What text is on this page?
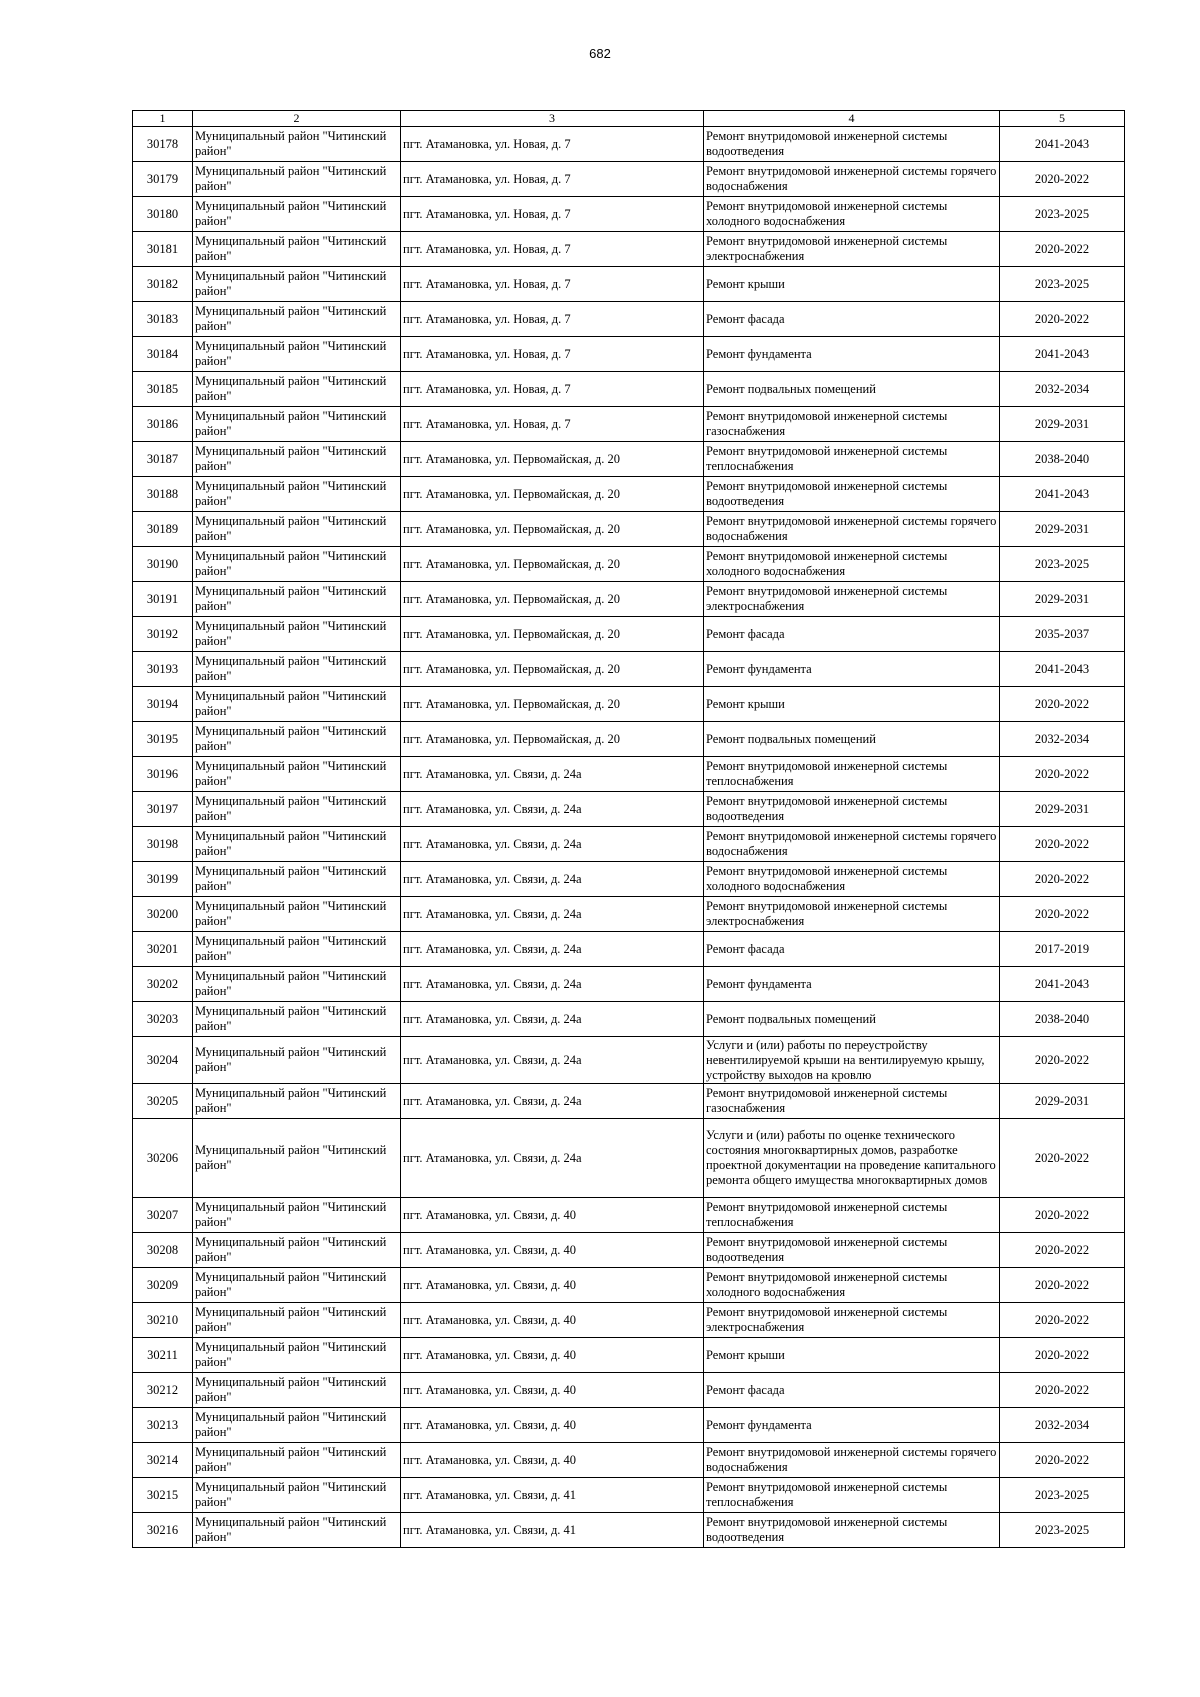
682
1	2	3	4	5
30178	Муниципальный район "Читинский район"	пгт. Атамановка, ул. Новая, д. 7	Ремонт внутридомовой инженерной системы водоотведения	2041-2043
30179	Муниципальный район "Читинский район"	пгт. Атамановка, ул. Новая, д. 7	Ремонт внутридомовой инженерной системы горячего водоснабжения	2020-2022
30180	Муниципальный район "Читинский район"	пгт. Атамановка, ул. Новая, д. 7	Ремонт внутридомовой инженерной системы холодного водоснабжения	2023-2025
30181	Муниципальный район "Читинский район"	пгт. Атамановка, ул. Новая, д. 7	Ремонт внутридомовой инженерной системы электроснабжения	2020-2022
30182	Муниципальный район "Читинский район"	пгт. Атамановка, ул. Новая, д. 7	Ремонт крыши	2023-2025
30183	Муниципальный район "Читинский район"	пгт. Атамановка, ул. Новая, д. 7	Ремонт фасада	2020-2022
30184	Муниципальный район "Читинский район"	пгт. Атамановка, ул. Новая, д. 7	Ремонт фундамента	2041-2043
30185	Муниципальный район "Читинский район"	пгт. Атамановка, ул. Новая, д. 7	Ремонт подвальных помещений	2032-2034
30186	Муниципальный район "Читинский район"	пгт. Атамановка, ул. Новая, д. 7	Ремонт внутридомовой инженерной системы газоснабжения	2029-2031
30187	Муниципальный район "Читинский район"	пгт. Атамановка, ул. Первомайская, д. 20	Ремонт внутридомовой инженерной системы теплоснабжения	2038-2040
30188	Муниципальный район "Читинский район"	пгт. Атамановка, ул. Первомайская, д. 20	Ремонт внутридомовой инженерной системы водоотведения	2041-2043
30189	Муниципальный район "Читинский район"	пгт. Атамановка, ул. Первомайская, д. 20	Ремонт внутридомовой инженерной системы горячего водоснабжения	2029-2031
30190	Муниципальный район "Читинский район"	пгт. Атамановка, ул. Первомайская, д. 20	Ремонт внутридомовой инженерной системы холодного водоснабжения	2023-2025
30191	Муниципальный район "Читинский район"	пгт. Атамановка, ул. Первомайская, д. 20	Ремонт внутридомовой инженерной системы электроснабжения	2029-2031
30192	Муниципальный район "Читинский район"	пгт. Атамановка, ул. Первомайская, д. 20	Ремонт фасада	2035-2037
30193	Муниципальный район "Читинский район"	пгт. Атамановка, ул. Первомайская, д. 20	Ремонт фундамента	2041-2043
30194	Муниципальный район "Читинский район"	пгт. Атамановка, ул. Первомайская, д. 20	Ремонт крыши	2020-2022
30195	Муниципальный район "Читинский район"	пгт. Атамановка, ул. Первомайская, д. 20	Ремонт подвальных помещений	2032-2034
30196	Муниципальный район "Читинский район"	пгт. Атамановка, ул. Связи, д. 24а	Ремонт внутридомовой инженерной системы теплоснабжения	2020-2022
30197	Муниципальный район "Читинский район"	пгт. Атамановка, ул. Связи, д. 24а	Ремонт внутридомовой инженерной системы водоотведения	2029-2031
30198	Муниципальный район "Читинский район"	пгт. Атамановка, ул. Связи, д. 24а	Ремонт внутридомовой инженерной системы горячего водоснабжения	2020-2022
30199	Муниципальный район "Читинский район"	пгт. Атамановка, ул. Связи, д. 24а	Ремонт внутридомовой инженерной системы холодного водоснабжения	2020-2022
30200	Муниципальный район "Читинский район"	пгт. Атамановка, ул. Связи, д. 24а	Ремонт внутридомовой инженерной системы электроснабжения	2020-2022
30201	Муниципальный район "Читинский район"	пгт. Атамановка, ул. Связи, д. 24а	Ремонт фасада	2017-2019
30202	Муниципальный район "Читинский район"	пгт. Атамановка, ул. Связи, д. 24а	Ремонт фундамента	2041-2043
30203	Муниципальный район "Читинский район"	пгт. Атамановка, ул. Связи, д. 24а	Ремонт подвальных помещений	2038-2040
30204	Муниципальный район "Читинский район"	пгт. Атамановка, ул. Связи, д. 24а	Услуги и (или) работы по переустройству невентилируемой крыши на вентилируемую крышу, устройству выходов на кровлю	2020-2022
30205	Муниципальный район "Читинский район"	пгт. Атамановка, ул. Связи, д. 24а	Ремонт внутридомовой инженерной системы газоснабжения	2029-2031
30206	Муниципальный район "Читинский район"	пгт. Атамановка, ул. Связи, д. 24а	Услуги и (или) работы по оценке технического состояния многоквартирных домов, разработке проектной документации на проведение капитального ремонта общего имущества многоквартирных домов	2020-2022
30207	Муниципальный район "Читинский район"	пгт. Атамановка, ул. Связи, д. 40	Ремонт внутридомовой инженерной системы теплоснабжения	2020-2022
30208	Муниципальный район "Читинский район"	пгт. Атамановка, ул. Связи, д. 40	Ремонт внутридомовой инженерной системы водоотведения	2020-2022
30209	Муниципальный район "Читинский район"	пгт. Атамановка, ул. Связи, д. 40	Ремонт внутридомовой инженерной системы холодного водоснабжения	2020-2022
30210	Муниципальный район "Читинский район"	пгт. Атамановка, ул. Связи, д. 40	Ремонт внутридомовой инженерной системы электроснабжения	2020-2022
30211	Муниципальный район "Читинский район"	пгт. Атамановка, ул. Связи, д. 40	Ремонт крыши	2020-2022
30212	Муниципальный район "Читинский район"	пгт. Атамановка, ул. Связи, д. 40	Ремонт фасада	2020-2022
30213	Муниципальный район "Читинский район"	пгт. Атамановка, ул. Связи, д. 40	Ремонт фундамента	2032-2034
30214	Муниципальный район "Читинский район"	пгт. Атамановка, ул. Связи, д. 40	Ремонт внутридомовой инженерной системы горячего водоснабжения	2020-2022
30215	Муниципальный район "Читинский район"	пгт. Атамановка, ул. Связи, д. 41	Ремонт внутридомовой инженерной системы теплоснабжения	2023-2025
30216	Муниципальный район "Читинский район"	пгт. Атамановка, ул. Связи, д. 41	Ремонт внутридомовой инженерной системы водоотведения	2023-2025
